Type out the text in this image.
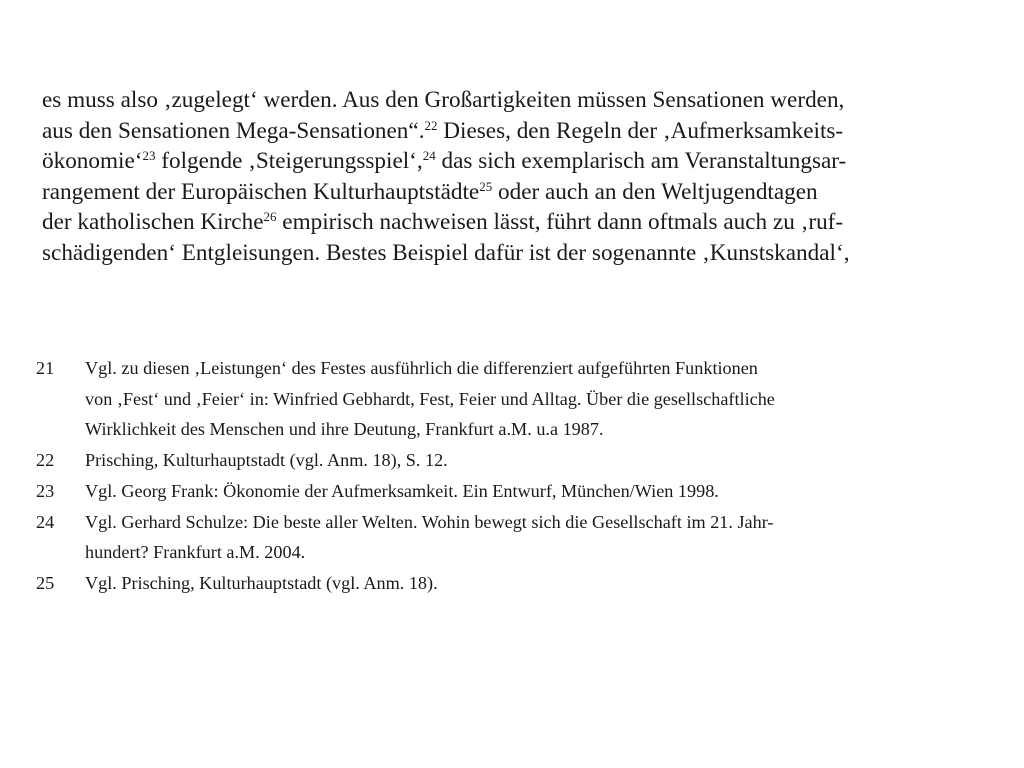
es muss also ‚zugelegt‘ werden. Aus den Großartigkeiten müssen Sensationen werden,
aus den Sensationen Mega-Sensationen“.$^{22}$ Dieses, den Regeln der ‚Aufmerksamkeits-
ökonomie‘$^{23}$ folgende ‚Steigerungsspiel‘,$^{24}$ das sich exemplarisch am Veranstaltungsar-
rangement der Europäischen Kulturhauptstädte$^{25}$ oder auch an den Weltjugendtagen
der katholischen Kirche$^{26}$ empirisch nachweisen lässt, führt dann oftmals auch zu ‚ruf-
schädigenden‘ Entgleisungen. Bestes Beispiel dafür ist der sogenannte ‚Kunstskandal‘,
21 Vgl. zu diesen ‚Leistungen‘ des Festes ausführlich die differenziert aufgeführten Funktionen
von ‚Fest‘ und ‚Feier‘ in: Winfried Gebhardt, Fest, Feier und Alltag. Über die gesellschaftliche
Wirklichkeit des Menschen und ihre Deutung, Frankfurt a.M. u.a 1987.
22 Prisching, Kulturhauptstadt (vgl. Anm. 18), S. 12.
23 Vgl. Georg Frank: Ökonomie der Aufmerksamkeit. Ein Entwurf, München/Wien 1998.
24 Vgl. Gerhard Schulze: Die beste aller Welten. Wohin bewegt sich die Gesellschaft im 21. Jahr-
hundert? Frankfurt a.M. 2004.
25 Vgl. Prisching, Kulturhauptstadt (vgl. Anm. 18).
